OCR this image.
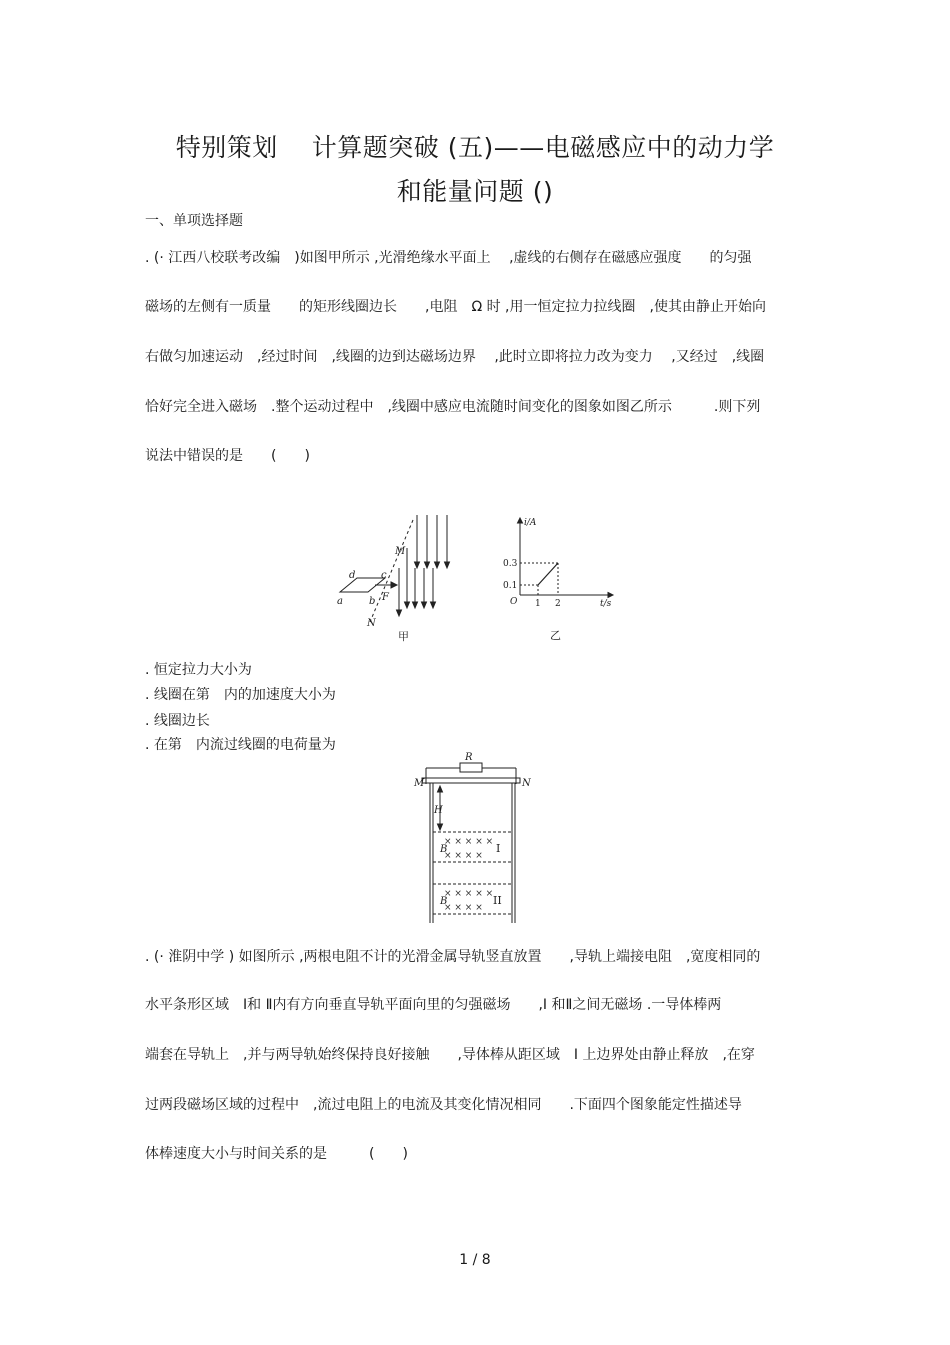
特别策划　 计算题突破 (五)——电磁感应中的动力学
和能量问题 ()
一、单项选择题
. (· 江西八校联考改编　)如图甲所示 ,光滑绝缘水平面上　 ,虚线的右侧存在磁感应强度　　的匀强
磁场的左侧有一质量　　的矩形线圈边长　　,电阻　Ω 时 ,用一恒定拉力拉线圈　,使其由静止开始向
右做匀加速运动　,经过时间　,线圈的边到达磁场边界　 ,此时立即将拉力改为变力　 ,又经过　,线圈
恰好完全进入磁场　.整个运动过程中　,线圈中感应电流随时间变化的图象如图乙所示　　　.则下列
说法中错误的是　　(　　)
M
N
a	b
c
d
F
甲
i/A
t/s
O
0.3
0.1
1 2
乙
. 恒定拉力大小为
. 线圈在第　内的加速度大小为
. 线圈边长
. 在第　内流过线圈的电荷量为
× × × × ×
× × × ×
× × × × ×
× × × ×
R
M	N
H
B
B
I
II
. (· 淮阴中学 ) 如图所示 ,两根电阻不计的光滑金属导轨竖直放置　　,导轨上端接电阻　,宽度相同的
水平条形区域　Ⅰ和 Ⅱ内有方向垂直导轨平面向里的匀强磁场　　,Ⅰ 和Ⅱ之间无磁场 .一导体棒两
端套在导轨上　,并与两导轨始终保持良好接触　　,导体棒从距区域　Ⅰ 上边界处由静止释放　,在穿
过两段磁场区域的过程中　,流过电阻上的电流及其变化情况相同　　.下面四个图象能定性描述导
体棒速度大小与时间关系的是　　　(　　)
1 / 8
